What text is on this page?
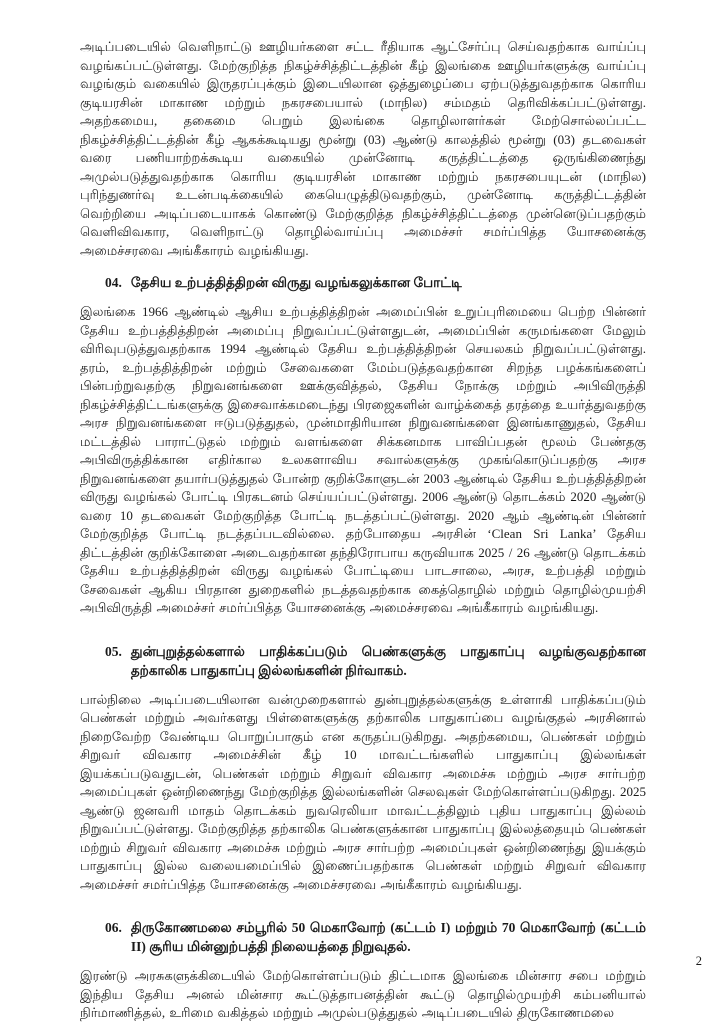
அடிப்படையில் வெளிநாட்டு ஊழியர்களை சட்ட ரீதியாக ஆட்சேர்ப்பு செய்வதற்காக வாய்ப்பு வழங்கப்பட்டுள்ளது. மேற்குறித்த நிகழ்ச்சித்திட்டத்தின் கீழ் இலங்கை ஊழியர்களுக்கு வாய்ப்பு வழங்கும் வகையில் இருதரப்புக்கும் இடையிலான ஒத்துழைப்பை ஏற்படுத்துவதற்காக கொரிய குடியரசின் மாகாண மற்றும் நகரசபையால் (மாநில) சம்மதம் தெரிவிக்கப்பட்டுள்ளது. அதற்கமைய, தகைமை பெறும் இலங்கை தொழிலாளர்கள் மேற்சொல்லப்பட்ட நிகழ்ச்சித்திட்டத்தின் கீழ் ஆகக்கூடியது மூன்று (03) ஆண்டு காலத்தில் மூன்று (03) தடவைகள் வரை பணியாற்றக்கூடிய வகையில் முன்னோடி கருத்திட்டத்தை ஒருங்கிணைந்து அமுல்படுத்துவதற்காக கொரிய குடியரசின் மாகாண மற்றும் நகரசபையுடன் (மாநில) புரிந்துணர்வு உடன்படிக்கையில் கையெழுத்திடுவதற்கும், முன்னோடி கருத்திட்டத்தின் வெற்றியை அடிப்படையாகக் கொண்டு மேற்குறித்த நிகழ்ச்சித்திட்டத்தை முன்னெடுப்பதற்கும் வெளிவிவகார, வெளிநாட்டு தொழில்வாய்ப்பு அமைச்சர் சமர்ப்பித்த யோசனைக்கு அமைச்சரவை அங்கீகாரம் வழங்கியது.

04. தேசிய உற்பத்தித்திறன் விருது வழங்கலுக்கான போட்டி

இலங்கை 1966 ஆண்டில் ஆசிய உற்பத்தித்திறன் அமைப்பின் உறுப்புரிமையை பெற்ற பின்னர் தேசிய உற்பத்தித்திறன் அமைப்பு நிறுவப்பட்டுள்ளதுடன், அமைப்பின் கருமங்களை மேலும் விரிவுபடுத்துவதற்காக 1994 ஆண்டில் தேசிய உற்பத்தித்திறன் செயலகம் நிறுவப்பட்டுள்ளது. தரம், உற்பத்தித்திறன் மற்றும் சேவைகளை மேம்படுத்தவதற்கான சிறந்த பழக்கங்களைப் பின்பற்றுவதற்கு நிறுவனங்களை ஊக்குவித்தல், தேசிய நோக்கு மற்றும் அபிவிருத்தி நிகழ்ச்சித்திட்டங்களுக்கு இசைவாக்கமடைந்து பிரஜைகளின் வாழ்க்கைத் தரத்தை உயர்த்துவதற்கு அரச நிறுவனங்களை ஈடுபடுத்துதல், முன்மாதிரியான நிறுவனங்களை இனங்காணுதல், தேசிய மட்டத்தில் பாராட்டுதல் மற்றும் வளங்களை சிக்கனமாக பாவிப்பதன் மூலம் பேண்தகு அபிவிருத்திக்கான எதிர்கால உலகளாவிய சவால்களுக்கு முகங்கொடுப்பதற்கு அரச நிறுவனங்களை தயார்படுத்துதல் போன்ற குறிக்கோளுடன் 2003 ஆண்டில் தேசிய உற்பத்தித்திறன் விருது வழங்கல் போட்டி பிரகடனம் செய்யப்பட்டுள்ளது. 2006 ஆண்டு தொடக்கம் 2020 ஆண்டு வரை 10 தடவைகள் மேற்குறித்த போட்டி நடத்தப்பட்டுள்ளது. 2020 ஆம் ஆண்டின் பின்னர் மேற்குறித்த போட்டி நடத்தப்படவில்லை. தற்போதைய அரசின் ‘Clean Sri Lanka’ தேசிய திட்டத்தின் குறிக்கோளை அடைவதற்கான தந்திரோபாய கருவியாக 2025 / 26 ஆண்டு தொடக்கம் தேசிய உற்பத்தித்திறன் விருது வழங்கல் போட்டியை பாடசாலை, அரச, உற்பத்தி மற்றும் சேவைகள் ஆகிய பிரதான துறைகளில் நடத்தவதற்காக கைத்தொழில் மற்றும் தொழில்முயற்சி அபிவிருத்தி அமைச்சர் சமர்ப்பித்த யோசனைக்கு அமைச்சரவை அங்கீகாரம் வழங்கியது.

05. துன்புறுத்தல்களால் பாதிக்கப்படும் பெண்களுக்கு பாதுகாப்பு வழங்குவதற்கான தற்காலிக பாதுகாப்பு இல்லங்களின் நிர்வாகம்.

பால்நிலை அடிப்படையிலான வன்முறைகளால் துன்புறுத்தல்களுக்கு உள்ளாகி பாதிக்கப்படும் பெண்கள் மற்றும் அவர்களது பிள்ளைகளுக்கு தற்காலிக பாதுகாப்பை வழங்குதல் அரசினால் நிறைவேற்ற வேண்டிய பொறுப்பாகும் என கருதப்படுகிறது. அதற்கமைய, பெண்கள் மற்றும் சிறுவர் விவகார அமைச்சின் கீழ் 10 மாவட்டங்களில் பாதுகாப்பு இல்லங்கள் இயக்கப்படுவதுடன், பெண்கள் மற்றும் சிறுவர் விவகார அமைச்சு மற்றும் அரச சார்பற்ற அமைப்புகள் ஒன்றிணைந்து மேற்குறித்த இல்லங்களின் செலவுகள் மேற்கொள்ளப்படுகிறது. 2025 ஆண்டு ஜனவரி மாதம் தொடக்கம் நுவரெலியா மாவட்டத்திலும் புதிய பாதுகாப்பு இல்லம் நிறுவப்பட்டுள்ளது. மேற்குறித்த தற்காலிக பெண்களுக்கான பாதுகாப்பு இல்லத்தையும் பெண்கள் மற்றும் சிறுவர் விவகார அமைச்சு மற்றும் அரச சார்பற்ற அமைப்புகள் ஒன்றிணைந்து இயக்கும் பாதுகாப்பு இல்ல வலையமைப்பில் இணைப்பதற்காக பெண்கள் மற்றும் சிறுவர் விவகார அமைச்சர் சமர்ப்பித்த யோசனைக்கு அமைச்சரவை அங்கீகாரம் வழங்கியது.

06. திருகோணமலை சம்பூரில் 50 மெகாவோற் (கட்டம் I) மற்றும் 70 மெகாவோற் (கட்டம் II) சூரிய மின்னுற்பத்தி நிலையத்தை நிறுவுதல்.

இரண்டு அரசுகளுக்கிடையில் மேற்கொள்ளப்படும் திட்டமாக இலங்கை மின்சார சபை மற்றும் இந்திய தேசிய அனல் மின்சார கூட்டுத்தாபனத்தின் கூட்டு தொழில்முயற்சி கம்பனியால் நிர்மாணித்தல், உரிமை வகித்தல் மற்றும் அமுல்படுத்துதல் அடிப்படையில் திருகோணமலை

2
